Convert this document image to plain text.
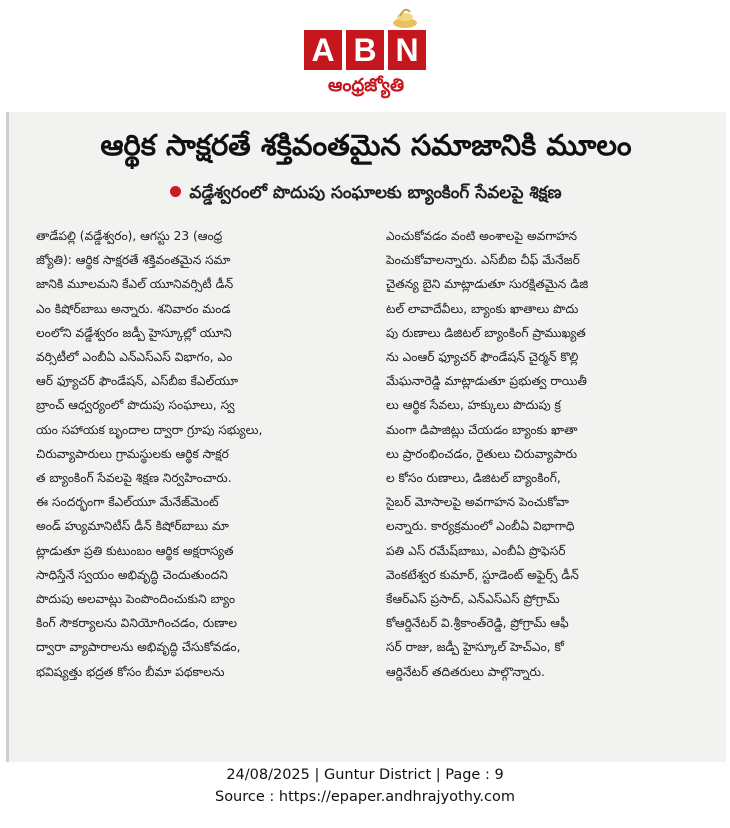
A B N
ఆంధ్రజ్యోతి
ఆర్థిక సాక్షరతే శక్తివంతమైన సమాజానికి మూలం
వడ్డేశ్వరంలో పొదుపు సంఘాలకు బ్యాంకింగ్ సేవలపై శిక్షణ
తాడేపల్లి (వడ్డేశ్వరం), ఆగస్టు 23 (ఆంధ్ర
జ్యోతి): ఆర్థిక సాక్షరతే శక్తివంతమైన సమా
జానికి మూలమని కేఎల్ యూనివర్సిటీ డీన్
ఎం కిషోర్‌బాబు అన్నారు. శనివారం మండ
లంలోని వడ్డేశ్వరం జడ్పీ హైస్కూల్లో యూని
వర్సిటీలో ఎంబీఏ ఎన్ఎస్ఎస్ విభాగం, ఎం
ఆర్ ఫ్యూచర్ ఫౌండేషన్, ఎస్‌బీఐ కేఎల్‌యూ
బ్రాంచ్ ఆధ్వర్యంలో పొదుపు సంఘాలు, స్వ
యం సహాయక బృందాల ద్వారా గ్రూపు సభ్యులు,
చిరువ్యాపారులు గ్రామస్థులకు ఆర్థిక సాక్షర
త బ్యాంకింగ్ సేవలపై శిక్షణ నిర్వహించారు.
ఈ సందర్భంగా కేఎల్‌యూ మేనేజ్‌మెంట్
అండ్ హ్యుమానిటీస్ డీన్ కిషోర్‌బాబు మా
ట్లాడుతూ ప్రతి కుటుంబం ఆర్థిక అక్షరాస్యత
సాధిస్తేనే స్వయం అభివృద్ధి చెందుతుందని
పొదుపు అలవాట్లు పెంపొందించుకుని బ్యాం
కింగ్ సౌకర్యాలను వినియోగించడం, రుణాల
ద్వారా వ్యాపారాలను అభివృద్ధి చేసుకోవడం,
భవిష్యత్తు భద్రత కోసం బీమా పథకాలను
ఎంచుకోవడం వంటి అంశాలపై అవగాహన
పెంచుకోవాలన్నారు. ఎస్‌బీఐ చీఫ్ మేనేజర్
చైతన్య బైని మాట్లాడుతూ సురక్షితమైన డిజి
టల్ లావాదేవీలు, బ్యాంకు ఖాతాలు పొదు
పు రుణాలు డిజిటల్ బ్యాంకింగ్ ప్రాముఖ్యత
ను ఎంఆర్ ఫ్యూచర్ ఫౌండేషన్ చైర్మన్ కొల్లి
మేఘనారెడ్డి మాట్లాడుతూ ప్రభుత్వ రాయితీ
లు ఆర్థిక సేవలు, హక్కులు పొదుపు క్ర
మంగా డిపాజిట్లు చేయడం బ్యాంకు ఖాతా
లు ప్రారంభించడం, రైతులు చిరువ్యాపారు
ల కోసం రుణాలు, డిజిటల్ బ్యాంకింగ్,
సైబర్ మోసాలపై అవగాహన పెంచుకోవా
లన్నారు. కార్యక్రమంలో ఎంబీఏ విభాగాధి
పతి ఎస్ రమేష్‌బాబు, ఎంబీఏ ప్రొఫెసర్
వెంకటేశ్వర కుమార్, స్టూడెంట్ అఫైర్స్ డీన్
కేఆర్ఎస్ ప్రసాద్, ఎన్ఎస్ఎస్ ప్రోగ్రామ్
కోఆర్డినేటర్ వి.శ్రీకాంత్‌రెడ్డి, ప్రోగ్రామ్ ఆఫీ
సర్ రాజు, జడ్పీ హైస్కూల్ హెచ్ఎం, కో
ఆర్డినేటర్ తదితరులు పాల్గొన్నారు.
24/08/2025 | Guntur District | Page : 9
Source : https://epaper.andhrajyothy.com
